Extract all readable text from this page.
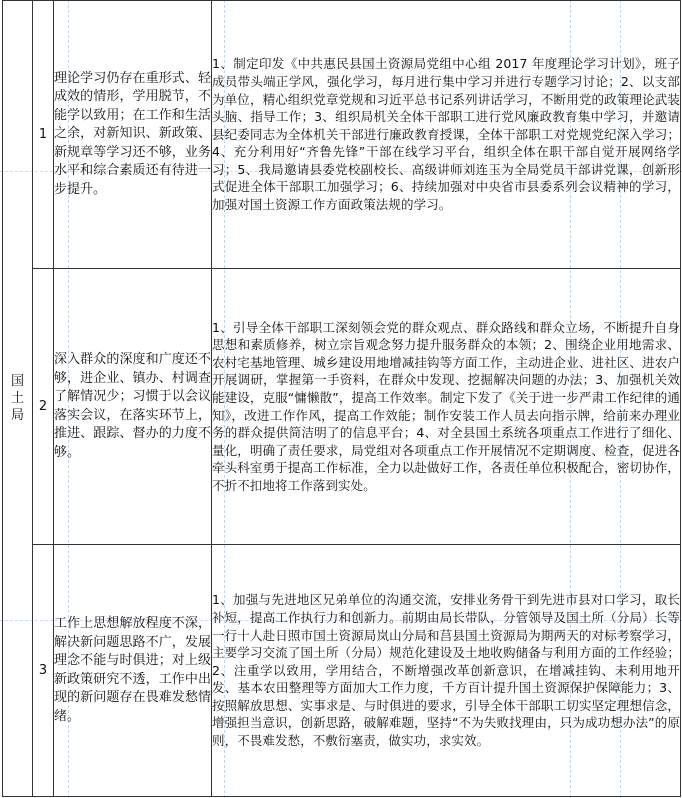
国土局	1	理论学习仍存在重形式、轻成效的情形，学用脱节，不能学以致用；在工作和生活之余，对新知识、新政策、新规章等学习还不够，业务水平和综合素质还有待进一步提升。	1、制定印发《中共惠民县国土资源局党组中心组 2017 年度理论学习计划》，班子成员带头端正学风，强化学习，每月进行集中学习并进行专题学习讨论；2、以支部为单位，精心组织党章党规和习近平总书记系列讲话学习，不断用党的政策理论武装头脑、指导工作；3、组织局机关全体干部职工进行党风廉政教育集中学习，并邀请县纪委同志为全体机关干部进行廉政教育授课，全体干部职工对党规党纪深入学习；4、充分利用好“齐鲁先锋”干部在线学习平台，组织全体在职干部自觉开展网络学习；5、我局邀请县委党校副校长、高级讲师刘连玉为全局党员干部讲党课，创新形式促进全体干部职工加强学习；6、持续加强对中央省市县委系列会议精神的学习，加强对国土资源工作方面政策法规的学习。
	2	深入群众的深度和广度还不够，进企业、镇办、村调查了解情况少；习惯于以会议落实会议，在落实环节上，推进、跟踪、督办的力度不够。	1、引导全体干部职工深刻领会党的群众观点、群众路线和群众立场，不断提升自身思想和素质修养，树立宗旨观念努力提升服务群众的本领；2、围绕企业用地需求、农村宅基地管理、城乡建设用地增减挂钩等方面工作，主动进企业、进社区、进农户开展调研，掌握第一手资料，在群众中发现、挖掘解决问题的办法；3、加强机关效能建设，克服“慵懒散”，提高工作效率。制定下发了《关于进一步严肃工作纪律的通知》，改进工作作风，提高工作效能；制作安装工作人员去向指示牌，给前来办理业务的群众提供简洁明了的信息平台；4、对全县国土系统各项重点工作进行了细化、量化，明确了责任要求，局党组对各项重点工作开展情况不定期调度、检查，促进各牵头科室勇于提高工作标准，全力以赴做好工作，各责任单位积极配合，密切协作，不折不扣地将工作落到实处。
	3	工作上思想解放程度不深，解决新问题思路不广，发展理念不能与时俱进；对上级新政策研究不透，工作中出现的新问题存在畏难发愁情绪。	1、加强与先进地区兄弟单位的沟通交流，安排业务骨干到先进市县对口学习，取长补短，提高工作执行力和创新力。前期由局长带队，分管领导及国土所（分局）长等一行十人赴日照市国土资源局岚山分局和莒县国土资源局为期两天的对标考察学习，主要学习交流了国土所（分局）规范化建设及土地收购储备与利用方面的工作经验；2、注重学以致用，学用结合，不断增强改革创新意识，在增减挂钩、未利用地开发、基本农田整理等方面加大工作力度，千方百计提升国土资源保护保障能力；3、按照解放思想、实事求是、与时俱进的要求，引导全体干部职工切实坚定理想信念，增强担当意识，创新思路，破解难题，坚持“不为失败找理由，只为成功想办法”的原则，不畏难发愁，不敷衍塞责，做实功，求实效。
